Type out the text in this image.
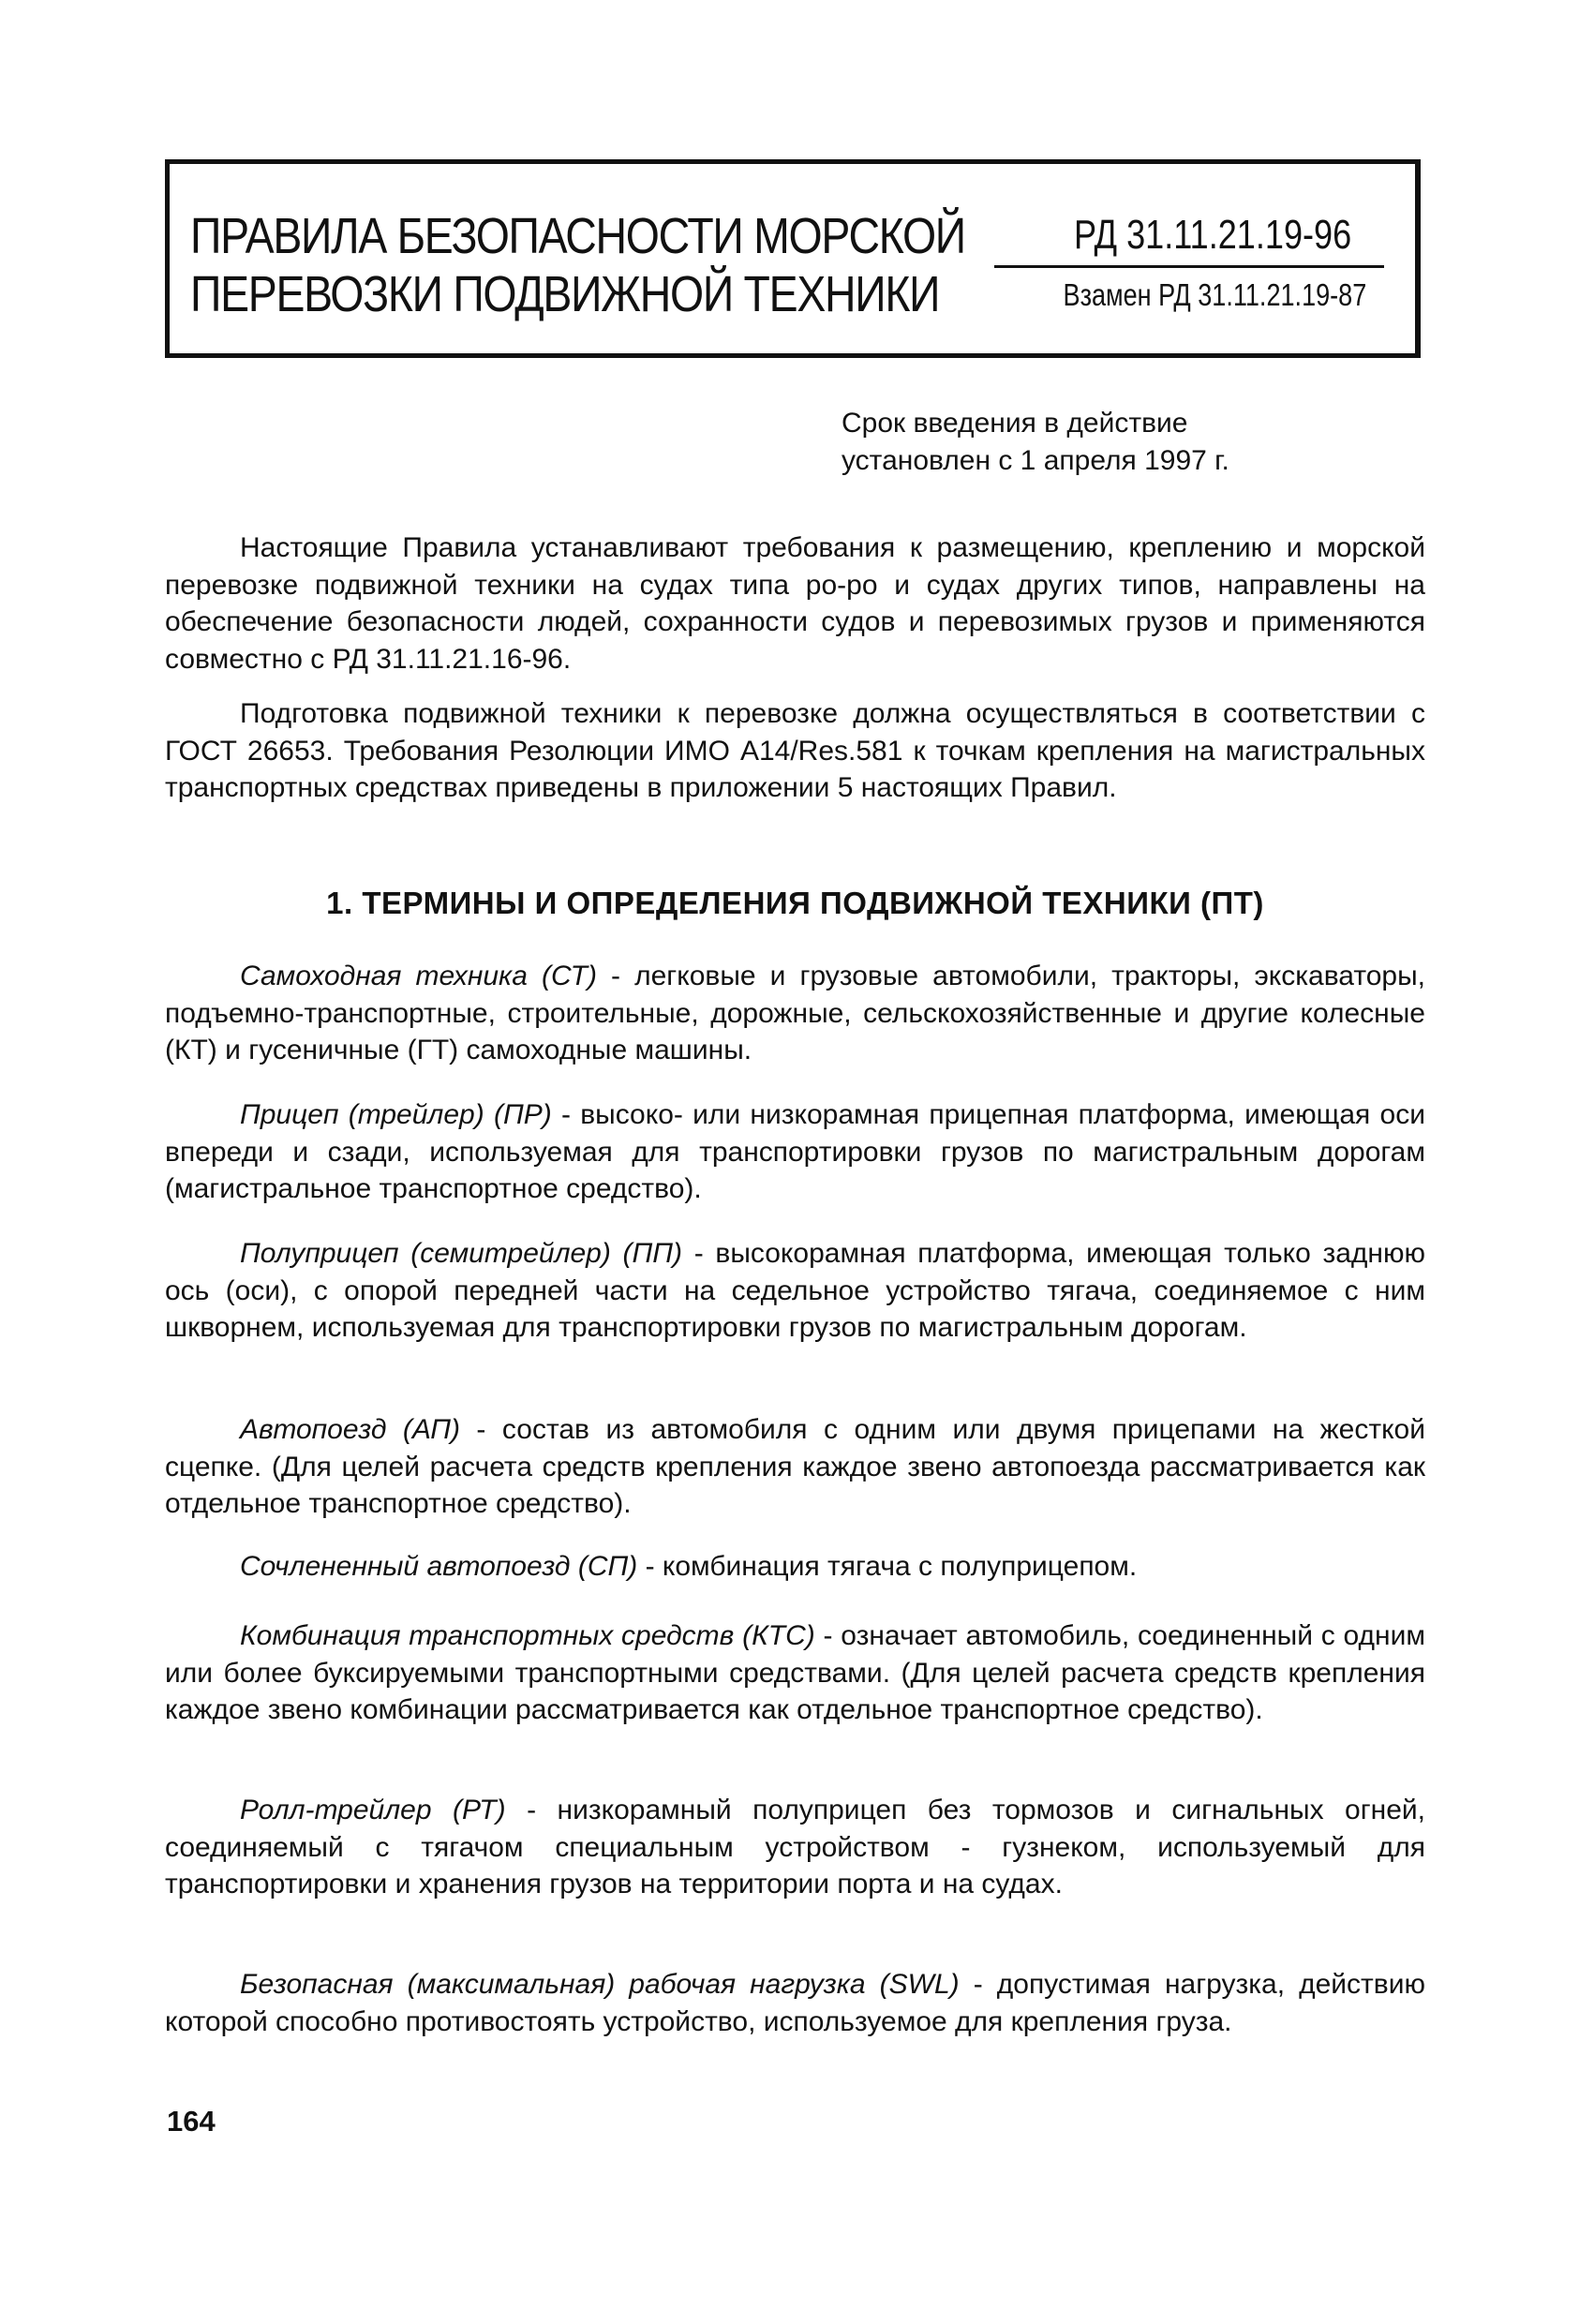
ПРАВИЛА БЕЗОПАСНОСТИ МОРСКОЙ
ПЕРЕВОЗКИ ПОДВИЖНОЙ ТЕХНИКИ
РД 31.11.21.19-96
Взамен РД 31.11.21.19-87
Срок введения в действие
установлен с 1 апреля 1997 г.

Настоящие Правила устанавливают требования к размещению, креплению и морской перевозке подвижной техники на судах типа ро-ро и судах других типов, направлены на обеспечение безопасности людей, сохранности судов и перевозимых грузов и применяются совместно с РД 31.11.21.16-96.

Подготовка подвижной техники к перевозке должна осуществляться в соответствии с ГОСТ 26653. Требования Резолюции ИМО А14/Res.581 к точкам крепления на магистральных транспортных средствах приведены в приложении 5 настоящих Правил.

1. ТЕРМИНЫ И ОПРЕДЕЛЕНИЯ ПОДВИЖНОЙ ТЕХНИКИ (ПТ)

Самоходная техника (СТ) - легковые и грузовые автомобили, тракторы, экскаваторы, подъемно-транспортные, строительные, дорожные, сельскохозяйственные и другие колесные (КТ) и гусеничные (ГТ) самоходные машины.

Прицеп (трейлер) (ПР) - высоко- или низкорамная прицепная платформа, имеющая оси впереди и сзади, используемая для транспортировки грузов по магистральным дорогам (магистральное транспортное средство).

Полуприцеп (семитрейлер) (ПП) - высокорамная платформа, имеющая только заднюю ось (оси), с опорой передней части на седельное устройство тягача, соединяемое с ним шкворнем, используемая для транспортировки грузов по магистральным дорогам.

Автопоезд (АП) - состав из автомобиля с одним или двумя прицепами на жесткой сцепке. (Для целей расчета средств крепления каждое звено автопоезда рассматривается как отдельное транспортное средство).

Сочлененный автопоезд (СП) - комбинация тягача с полуприцепом.

Комбинация транспортных средств (КТС) - означает автомобиль, соединенный с одним или более буксируемыми транспортными средствами. (Для целей расчета средств крепления каждое звено комбинации рассматривается как отдельное транспортное средство).

Ролл-трейлер (РТ) - низкорамный полуприцеп без тормозов и сигнальных огней, соединяемый с тягачом специальным устройством - гузнеком, используемый для транспортировки и хранения грузов на территории порта и на судах.

Безопасная (максимальная) рабочая нагрузка (SWL) - допустимая нагрузка, действию которой способно противостоять устройство, используемое для крепления груза.

164
